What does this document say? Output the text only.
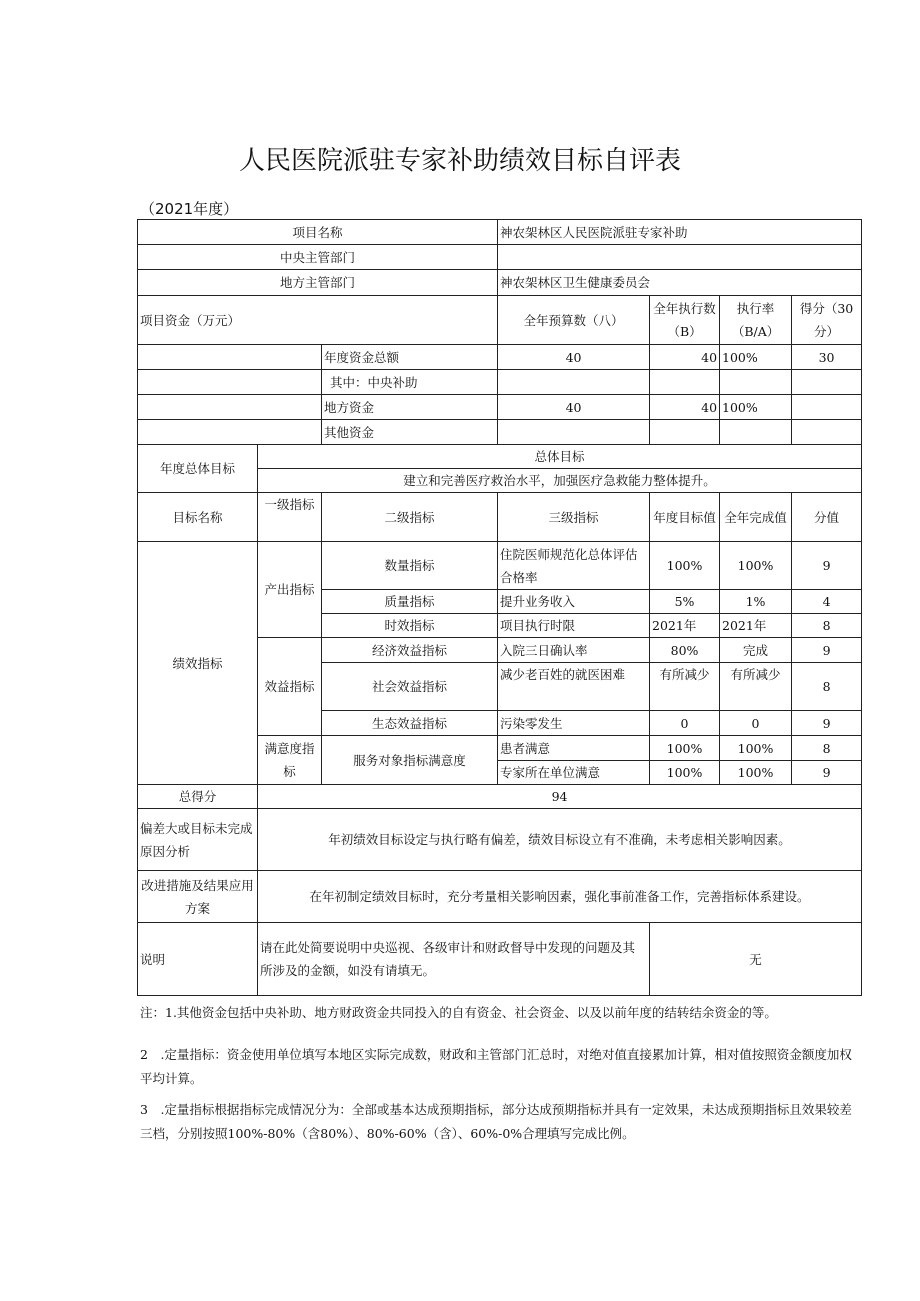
人民医院派驻专家补助绩效目标自评表
（2021年度）
项目名称			神农架林区人民医院派驻专家补助			
中央主管部门						
地方主管部门			神农架林区卫生健康委员会			
项目资金（万元）			全年预算数（八）	全年执行数（B）	执行率（B/A）	得分（30分）
		年度资金总额	40	40	100%	30
		其中：中央补助				
		地方资金	40	40	100%	
		其他资金				
年度总体目标	总体目标					
	建立和完善医疗救治水平，加强医疗急救能力整体提升。					
目标名称	一级指标	二级指标	三级指标	年度目标值	全年完成值	分值
绩效指标	产出指标	数量指标	住院医师规范化总体评估合格率	100%	100%	9
		质量指标	提升业务收入	5%	1%	4
		时效指标	项目执行时限	2021年	2021年	8
	效益指标	经济效益指标	入院三日确认率	80%	完成	9
		社会效益指标	减少老百姓的就医困难	有所减少	有所减少	8
		生态效益指标	污染零发生	0	0	9
	满意度指标	服务对象指标满意度	患者满意	100%	100%	8
			专家所在单位满意	100%	100%	9
总得分	94					
偏差大或目标未完成原因分析	年初绩效目标设定与执行略有偏差，绩效目标设立有不准确，未考虑相关影响因素。					
改进措施及结果应用方案	在年初制定绩效目标时，充分考量相关影响因素，强化事前准备工作，完善指标体系建设。					
说明	请在此处简要说明中央巡视、各级审计和财政督导中发现的问题及其所涉及的金额，如没有请填无。			无		
注：1.其他资金包括中央补助、地方财政资金共同投入的自有资金、社会资金、以及以前年度的结转结余资金的等。
2　.定量指标：资金使用单位填写本地区实际完成数，财政和主管部门汇总时，对绝对值直接累加计算，相对值按照资金额度加权平均计算。
3　.定量指标根据指标完成情况分为：全部或基本达成预期指标，部分达成预期指标并具有一定效果，未达成预期指标且效果较差三档，分别按照100%-80%（含80%）、80%-60%（含）、60%-0%合理填写完成比例。
